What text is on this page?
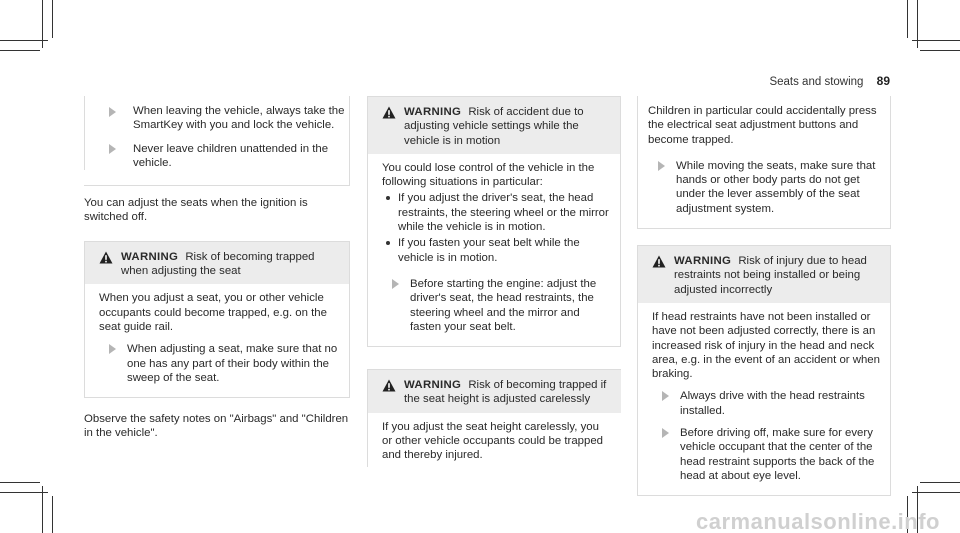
Seats and stowing 89
When leaving the vehicle, always take the SmartKey with you and lock the vehicle.
Never leave children unattended in the vehicle.

You can adjust the seats when the ignition is switched off.

WARNING Risk of becoming trapped when adjusting the seat

When you adjust a seat, you or other vehicle occupants could become trapped, e.g. on the seat guide rail.

When adjusting a seat, make sure that no one has any part of their body within the sweep of the seat.

Observe the safety notes on "Airbags" and "Children in the vehicle".

WARNING Risk of accident due to adjusting vehicle settings while the vehicle is in motion

You could lose control of the vehicle in the following situations in particular:

If you adjust the driver's seat, the head restraints, the steering wheel or the mirror while the vehicle is in motion.
If you fasten your seat belt while the vehicle is in motion.
Before starting the engine: adjust the driver's seat, the head restraints, the steering wheel and the mirror and fasten your seat belt.
WARNING Risk of becoming trapped if the seat height is adjusted carelessly

If you adjust the seat height carelessly, you or other vehicle occupants could be trapped and thereby injured.

Children in particular could accidentally press the electrical seat adjustment buttons and become trapped.

While moving the seats, make sure that hands or other body parts do not get under the lever assembly of the seat adjustment system.
WARNING Risk of injury due to head restraints not being installed or being adjusted incorrectly

If head restraints have not been installed or have not been adjusted correctly, there is an increased risk of injury in the head and neck area, e.g. in the event of an accident or when braking.

Always drive with the head restraints installed.
Before driving off, make sure for every vehicle occupant that the center of the head restraint supports the back of the head at about eye level.
carmanualsonline.info
